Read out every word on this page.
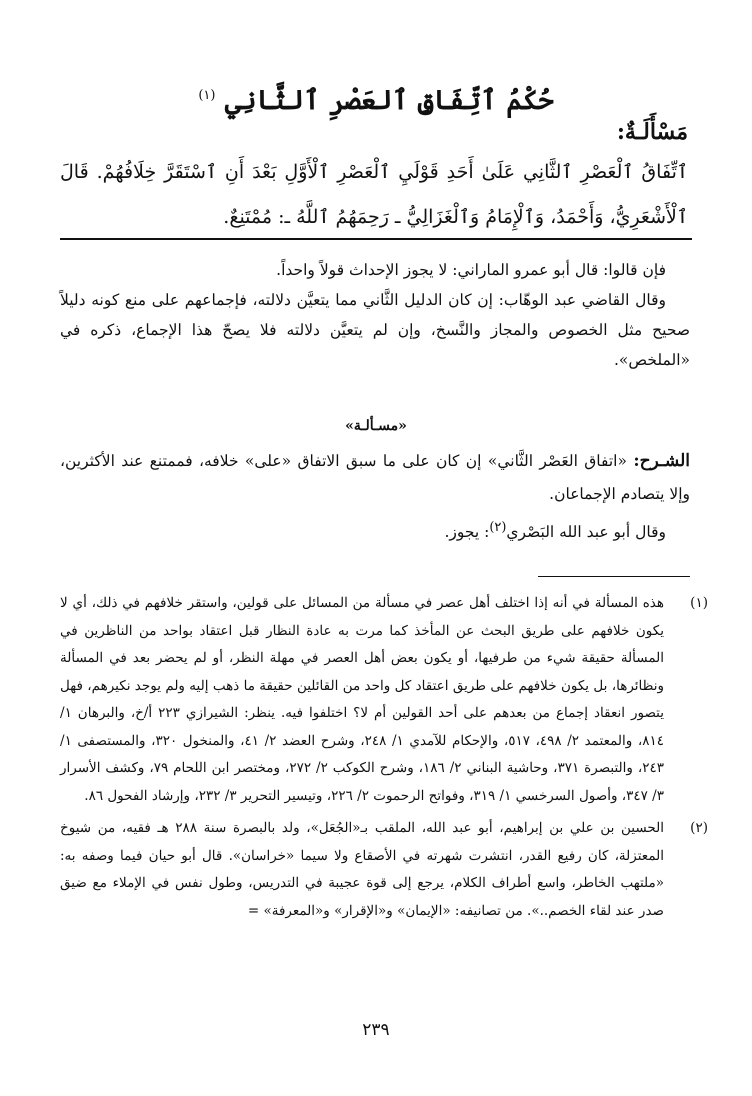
حُكْمُ ٱتِّفَاقِ ٱلعَصْرِ ٱلثَّانِي $^{(١)}$
مَسْأَلَـةٌ:
ٱتِّفَاقُ ٱلْعَصْرِ ٱلثَّانِي عَلَىٰ أَحَدِ قَوْلَيِ ٱلْعَصْرِ ٱلْأَوَّلِ بَعْدَ أَنِ ٱسْتَقَرَّ خِلَافُهُمْ. قَالَ ٱلْأَشْعَرِيُّ، وَأَحْمَدُ، وَٱلْإِمَامُ وَٱلْغَزَالِيُّ ـ رَحِمَهُمُ ٱللَّهُ ـ: مُمْتَنِعٌ.

فإن قالوا: قال أبو عمرو الماراني: لا يجوز الإحداث قولاً واحداً.

وقال القاضي عبد الوهّاب: إن كان الدليل الثَّاني مما يتعيَّن دلالته، فإجماعهم على منع كونه دليلاً صحيح مثل الخصوص والمجاز والنَّسخ، وإن لم يتعيَّن دلالته فلا يصحّ هذا الإجماع، ذكره في «الملخص».

«مسـألـة»

الشـرح: «اتفاق العَصْر الثَّاني» إن كان على ما سبق الاتفاق «على» خلافه، فممتنع عند الأكثرين، وإلا يتصادم الإجماعان.

وقال أبو عبد الله البَصْري$^{(٢)}$: يجوز.

(١)
هذه المسألة في أنه إذا اختلف أهل عصر في مسألة من المسائل على قولين، واستقر خلافهم في ذلك، أي لا يكون خلافهم على طريق البحث عن المأخذ كما مرت به عادة النظار قبل اعتقاد بواحد من الناظرين في المسألة حقيقة شيء من طرفيها، أو يكون بعض أهل العصر في مهلة النظر، أو لم يحضر بعد في المسألة ونظائرها، بل يكون خلافهم على طريق اعتقاد كل واحد من القائلين حقيقة ما ذهب إليه ولم يوجد نكيرهم، فهل يتصور انعقاد إجماع من بعدهم على أحد القولين أم لا؟ اختلفوا فيه. ينظر: الشيرازي ٢٢٣ أ/خ، والبرهان ١/ ٨١٤، والمعتمد ٢/ ٤٩٨، ٥١٧، والإحكام للآمدي ١/ ٢٤٨، وشرح العضد ٢/ ٤١، والمنخول ٣٢٠، والمستصفى ١/ ٢٤٣، والتبصرة ٣٧١، وحاشية البناني ٢/ ١٨٦، وشرح الكوكب ٢/ ٢٧٢، ومختصر ابن اللحام ٧٩، وكشف الأسرار ٣/ ٣٤٧، وأصول السرخسي ١/ ٣١٩، وفواتح الرحموت ٢/ ٢٢٦، وتيسير التحرير ٣/ ٢٣٢، وإرشاد الفحول ٨٦.
(٢)
الحسين بن علي بن إبراهيم، أبو عبد الله، الملقب بـ«الجُعَل»، ولد بالبصرة سنة ٢٨٨ هـ فقيه، من شيوخ المعتزلة، كان رفيع القدر، انتشرت شهرته في الأصقاع ولا سيما «خراسان». قال أبو حيان فيما وصفه به: «ملتهب الخاطر، واسع أطراف الكلام، يرجع إلى قوة عجيبة في التدريس، وطول نفس في الإملاء مع ضيق صدر عند لقاء الخصم..». من تصانيفه: «الإيمان» و«الإقرار» و«المعرفة» =
٢٣٩
